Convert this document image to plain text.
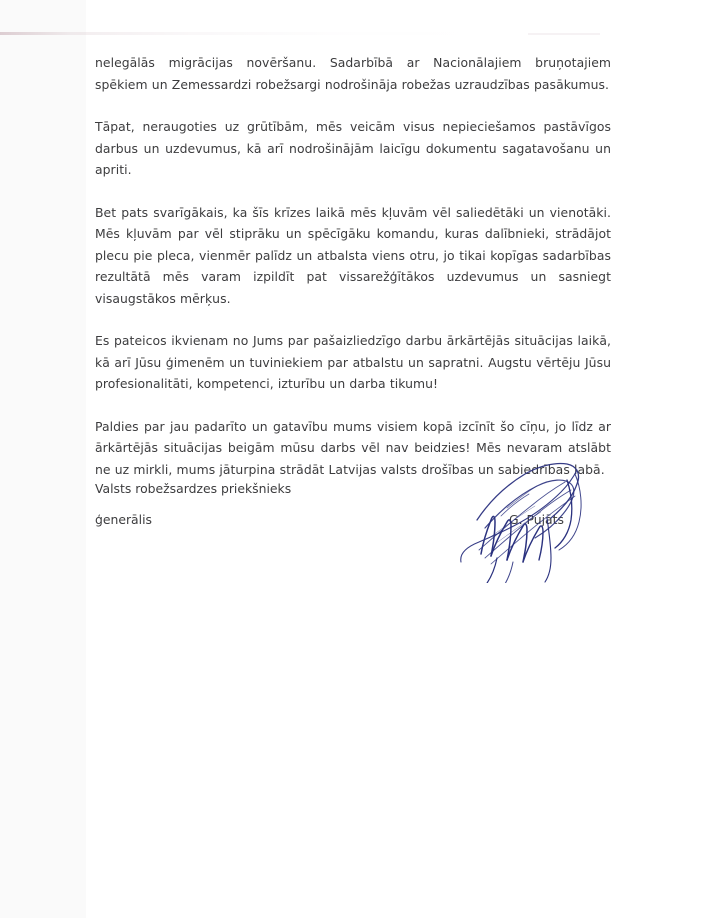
nelegālās migrācijas novēršanu. Sadarbībā ar Nacionālajiem bruņotajiem spēkiem un Zemessardzi robežsargi nodrošināja robežas uzraudzības pasākumus.

Tāpat, neraugoties uz grūtībām, mēs veicām visus nepieciešamos pastāvīgos darbus un uzdevumus, kā arī nodrošinājām laicīgu dokumentu sagatavošanu un apriti.

Bet pats svarīgākais, ka šīs krīzes laikā mēs kļuvām vēl saliedētāki un vienotāki. Mēs kļuvām par vēl stiprāku un spēcīgāku komandu, kuras dalībnieki, strādājot plecu pie pleca, vienmēr palīdz un atbalsta viens otru, jo tikai kopīgas sadarbības rezultātā mēs varam izpildīt pat vissarežģītākos uzdevumus un sasniegt visaugstākos mērķus.

Es pateicos ikvienam no Jums par pašaizliedzīgo darbu ārkārtējās situācijas laikā, kā arī Jūsu ģimenēm un tuviniekiem par atbalstu un sapratni. Augstu vērtēju Jūsu profesionalitāti, kompetenci, izturību un darba tikumu!

Paldies par jau padarīto un gatavību mums visiem kopā izcīnīt šo cīņu, jo līdz ar ārkārtējās situācijas beigām mūsu darbs vēl nav beidzies! Mēs nevaram atslābt ne uz mirkli, mums jāturpina strādāt Latvijas valsts drošības un sabiedrības labā.

Valsts robežsardzes priekšnieks
ģenerālis	G. Pujāts
